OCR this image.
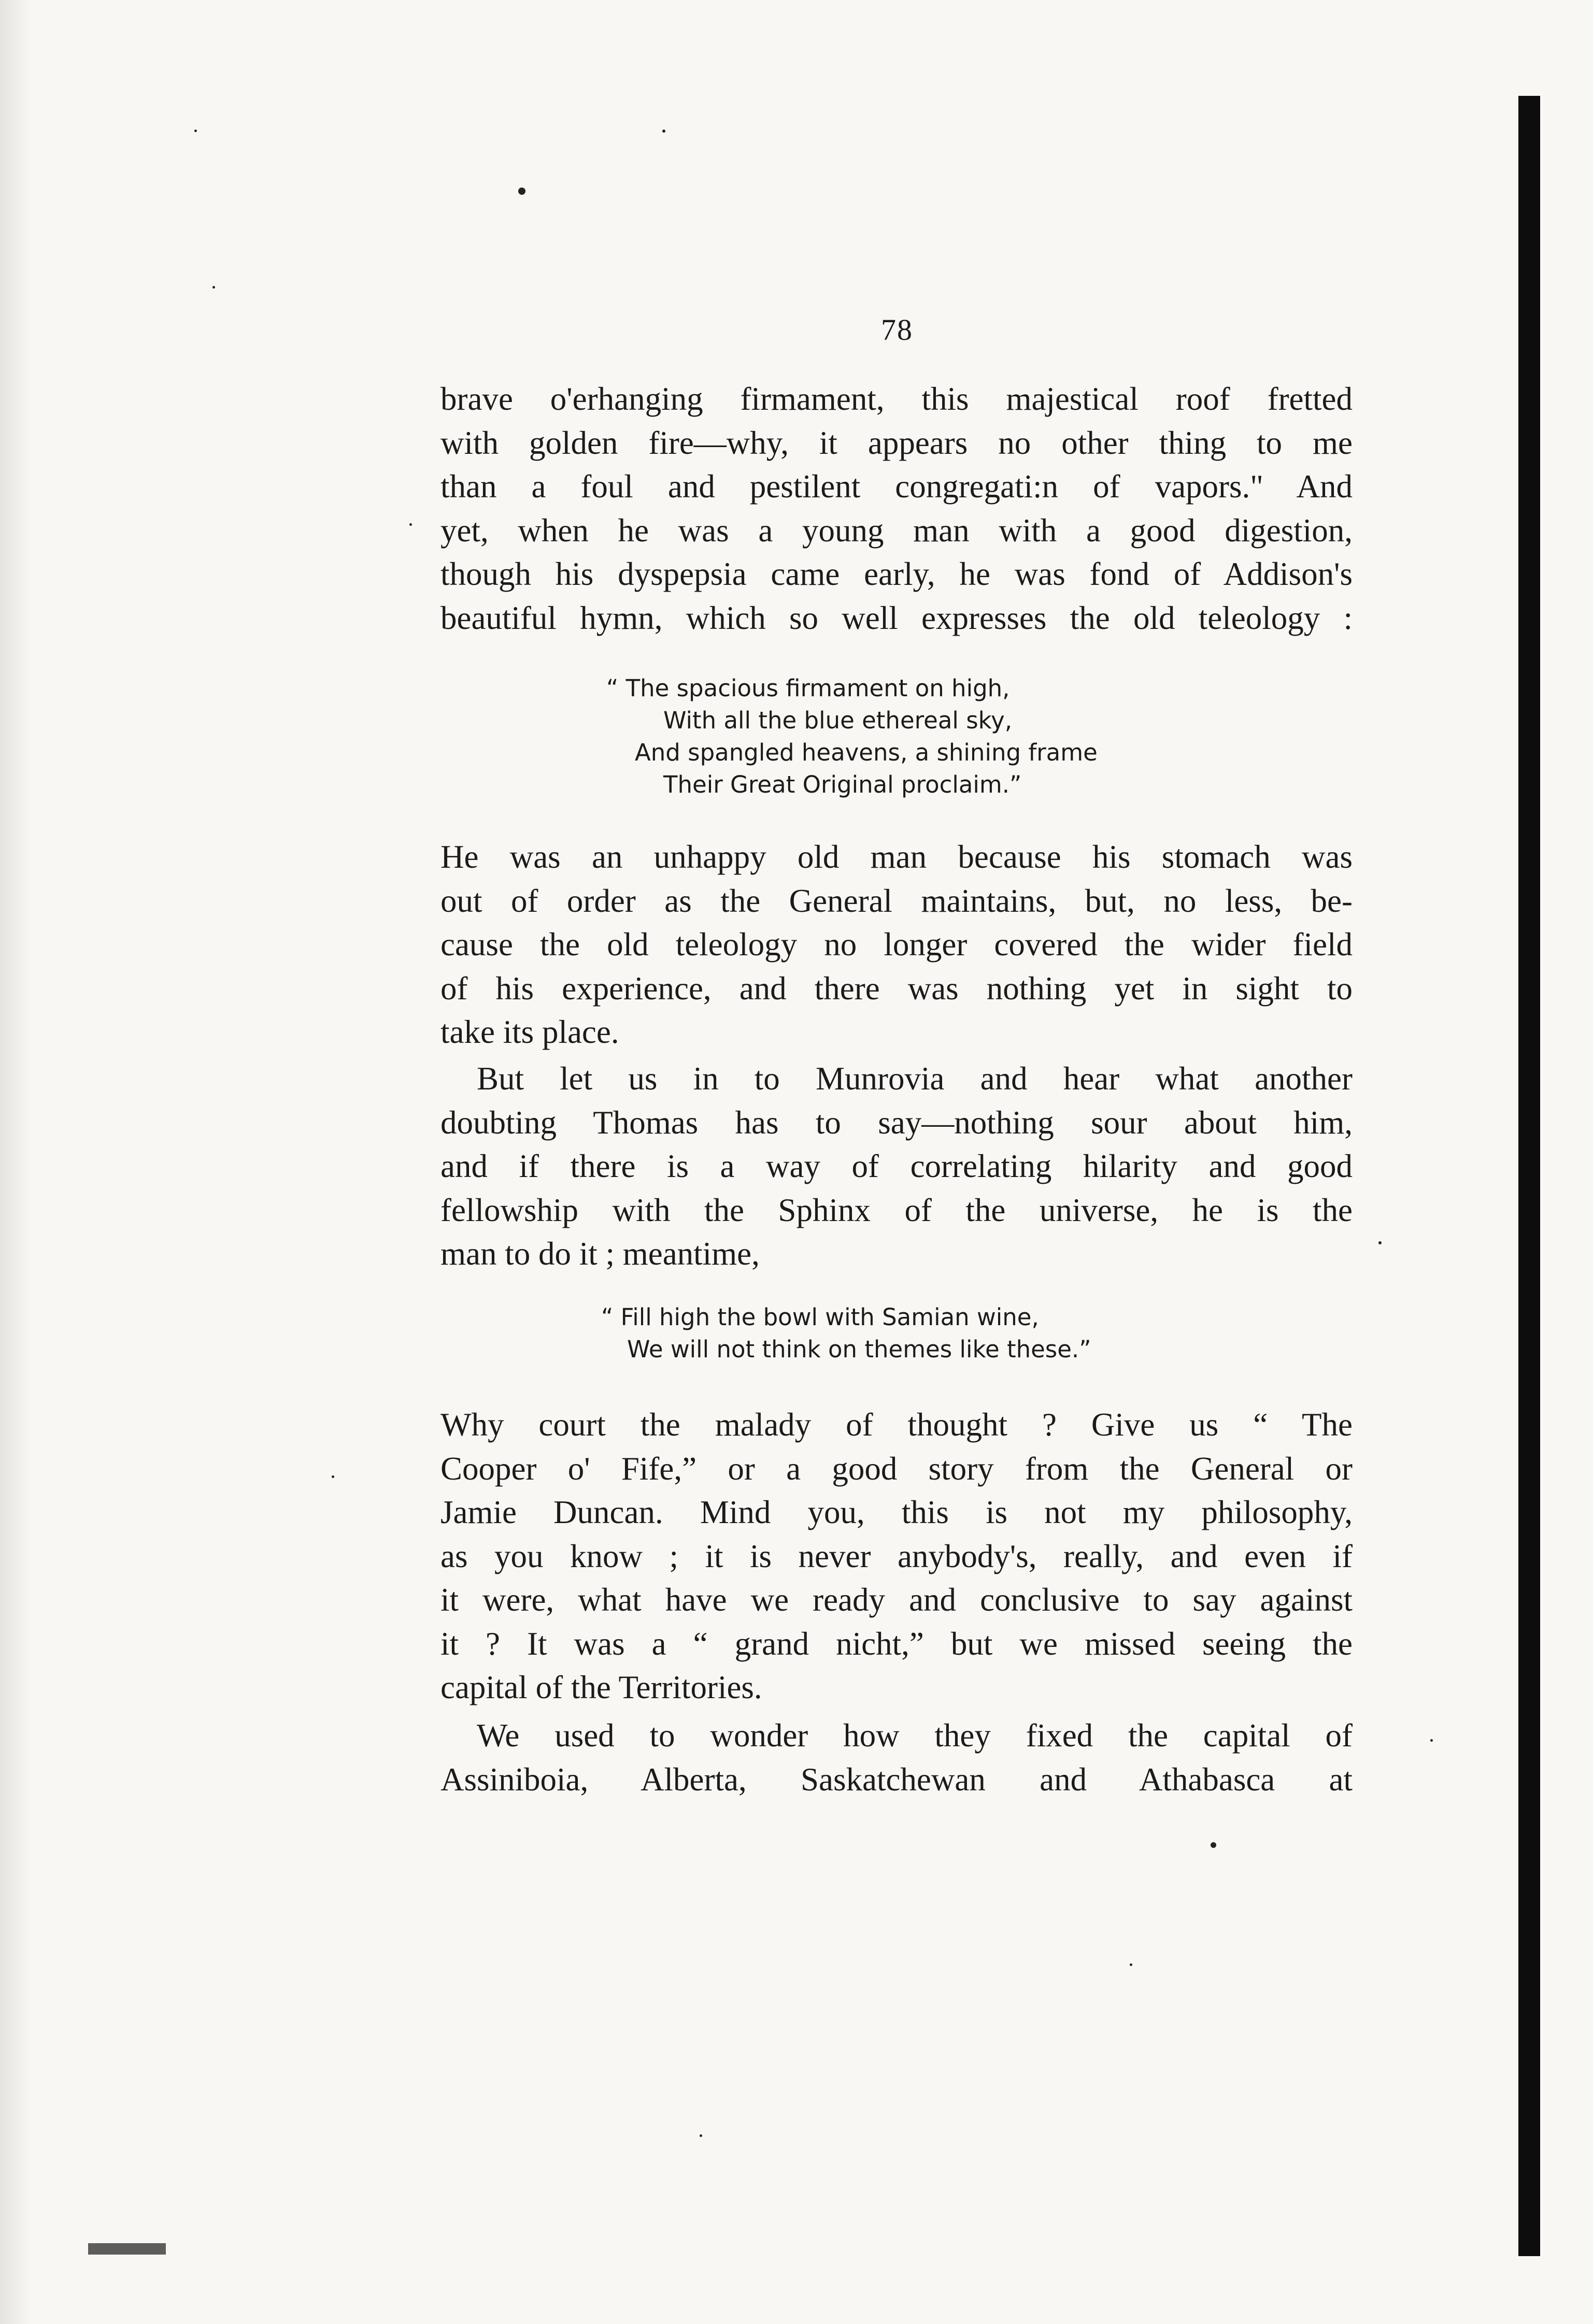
78
brave o'erhanging firmament, this majestical roof fretted
with golden fire—why, it appears no other thing to me
than a foul and pestilent congregati:n of vapors." And
yet, when he was a young man with a good digestion,
though his dyspepsia came early, he was fond of Addison's
beautiful hymn, which so well expresses the old teleology :
“ The spacious firmament on high,
With all the blue ethereal sky,
And spangled heavens, a shining frame
Their Great Original proclaim.”
He was an unhappy old man because his stomach was
out of order as the General maintains, but, no less, be-
cause the old teleology no longer covered the wider field
of his experience, and there was nothing yet in sight to
take its place.
But let us in to Munrovia and hear what another
doubting Thomas has to say—nothing sour about him,
and if there is a way of correlating hilarity and good
fellowship with the Sphinx of the universe, he is the
man to do it ; meantime,
“ Fill high the bowl with Samian wine,
We will not think on themes like these.”
Why court the malady of thought ? Give us “ The
Cooper o' Fife,” or a good story from the General or
Jamie Duncan. Mind you, this is not my philosophy,
as you know ; it is never anybody's, really, and even if
it were, what have we ready and conclusive to say against
it ? It was a “ grand nicht,” but we missed seeing the
capital of the Territories.
We used to wonder how they fixed the capital of
Assiniboia, Alberta, Saskatchewan and Athabasca at
